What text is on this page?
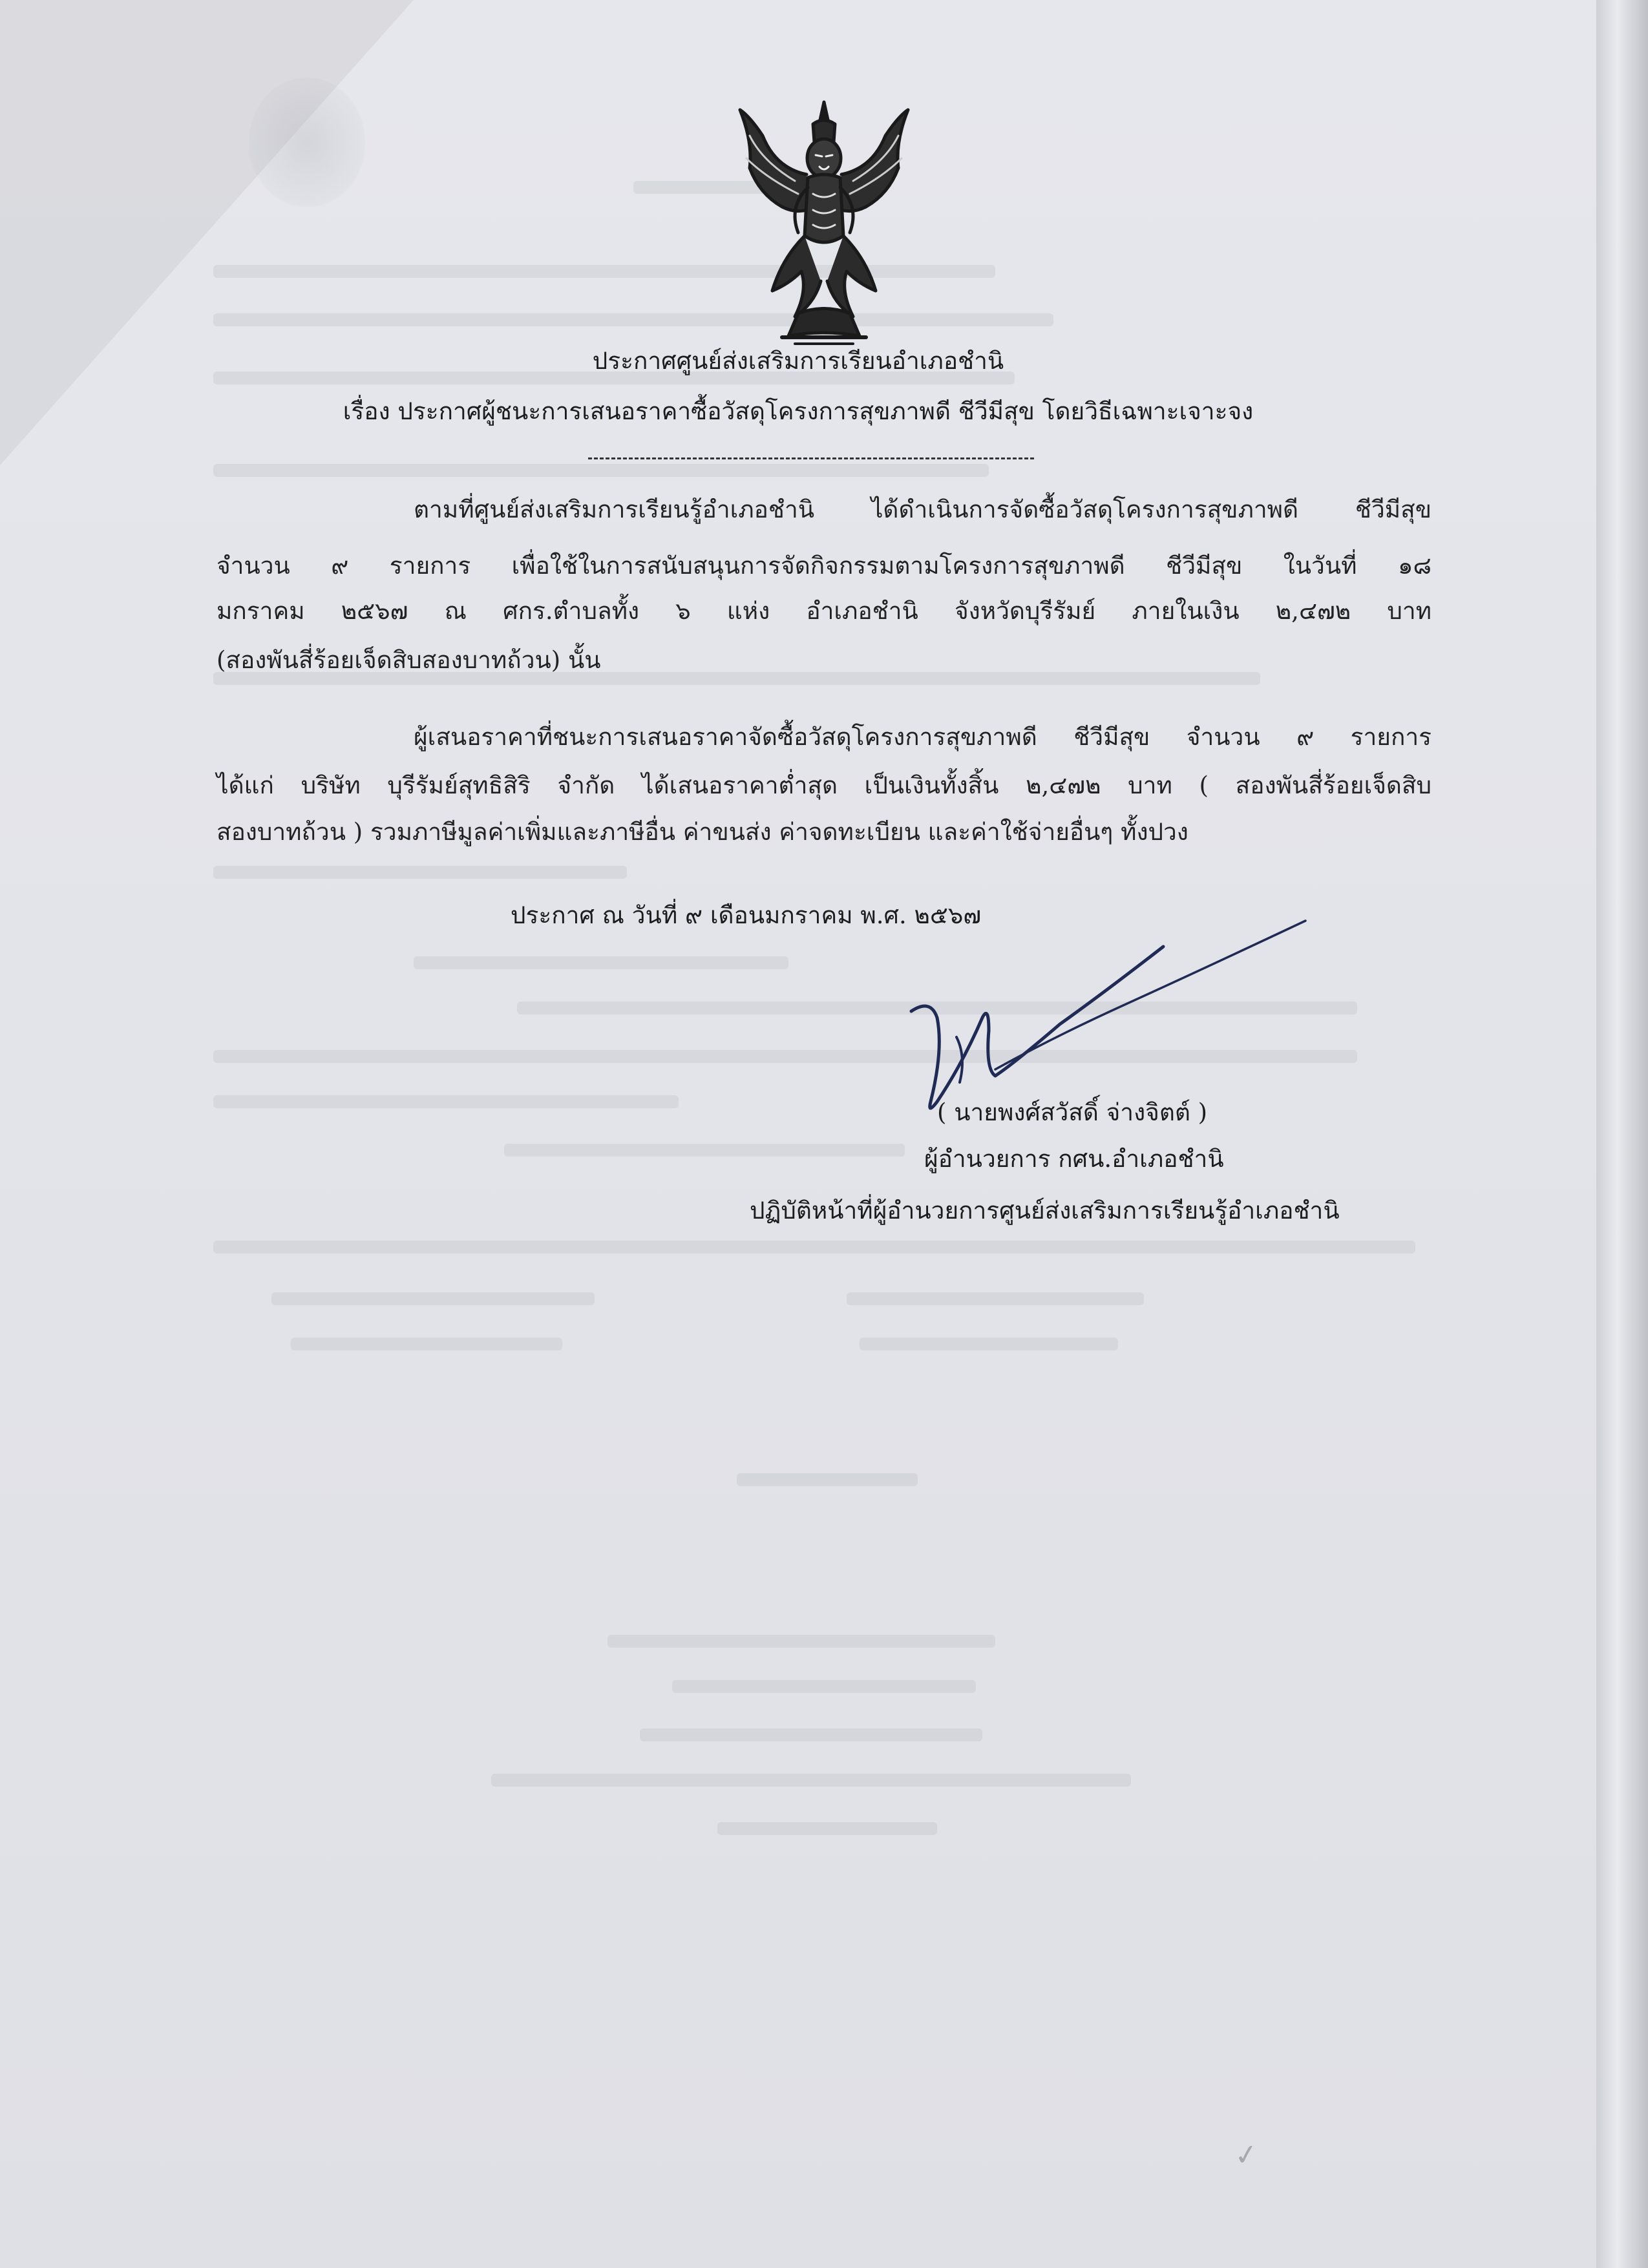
ประกาศศูนย์ส่งเสริมการเรียนอำเภอชำนิ
เรื่อง ประกาศผู้ชนะการเสนอราคาซื้อวัสดุโครงการสุขภาพดี ชีวีมีสุข โดยวิธีเฉพาะเจาะจง
ตามที่ศูนย์ส่งเสริมการเรียนรู้อำเภอชำนิ ได้ดำเนินการจัดซื้อวัสดุโครงการสุขภาพดี ชีวีมีสุข
จำนวน ๙ รายการ เพื่อใช้ในการสนับสนุนการจัดกิจกรรมตามโครงการสุขภาพดี ชีวีมีสุข ในวันที่ ๑๘
มกราคม ๒๕๖๗ ณ ศกร.ตำบลทั้ง ๖ แห่ง อำเภอชำนิ จังหวัดบุรีรัมย์ ภายในเงิน ๒,๔๗๒ บาท
(สองพันสี่ร้อยเจ็ดสิบสองบาทถ้วน) นั้น
ผู้เสนอราคาที่ชนะการเสนอราคาจัดซื้อวัสดุโครงการสุขภาพดี ชีวีมีสุข จำนวน ๙ รายการ
ได้แก่ บริษัท บุรีรัมย์สุทธิสิริ จำกัด ได้เสนอราคาต่ำสุด เป็นเงินทั้งสิ้น ๒,๔๗๒ บาท ( สองพันสี่ร้อยเจ็ดสิบ
สองบาทถ้วน ) รวมภาษีมูลค่าเพิ่มและภาษีอื่น ค่าขนส่ง ค่าจดทะเบียน และค่าใช้จ่ายอื่นๆ ทั้งปวง
ประกาศ ณ วันที่ ๙ เดือนมกราคม พ.ศ. ๒๕๖๗
( นายพงศ์สวัสดิ์ จ่างจิตต์ )
ผู้อำนวยการ กศน.อำเภอชำนิ
ปฏิบัติหน้าที่ผู้อำนวยการศูนย์ส่งเสริมการเรียนรู้อำเภอชำนิ
✓
